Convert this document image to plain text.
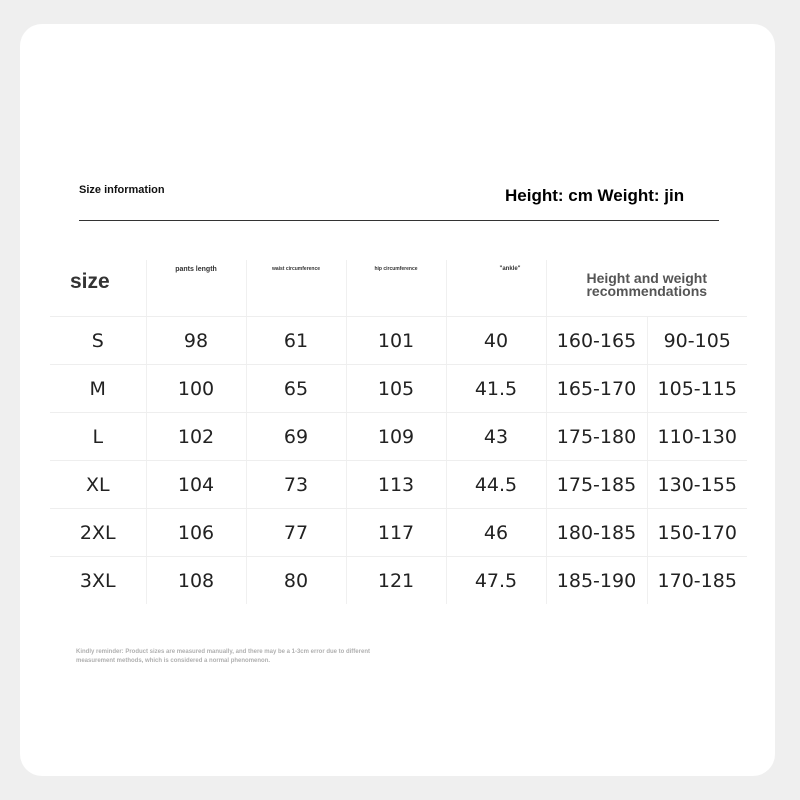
Size information	Height: cm Weight: jin
size	pants length	waist circumference	hip circumference	"ankle"	Height and weight
recommendations	

S	98	61	101	40	160-165	90-105
M	100	65	105	41.5	165-170	105-115
L	102	69	109	43	175-180	110-130
XL	104	73	113	44.5	175-185	130-155
2XL	106	77	117	46	180-185	150-170
3XL	108	80	121	47.5	185-190	170-185
Kindly reminder: Product sizes are measured manually, and there may be a 1-3cm error due to different measurement methods, which is considered a normal phenomenon.
